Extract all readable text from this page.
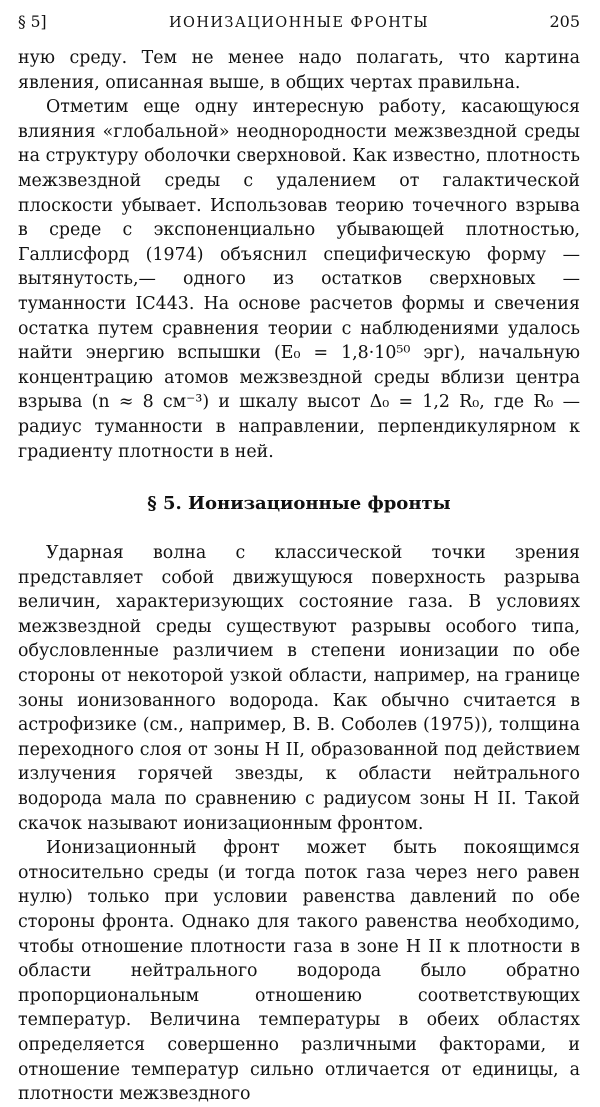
§ 5]	ИОНИЗАЦИОННЫЕ ФРОНТЫ	205

ную среду. Тем не менее надо полагать, что картина явления, описанная выше, в общих чертах правильна.

Отметим еще одну интересную работу, касающуюся влияния «глобальной» неоднородности межзвездной среды на структуру оболочки сверхновой. Как известно, плотность межзвездной среды с удалением от галактической плоскости убывает. Использовав теорию точечного взрыва в среде с экспоненциально убывающей плотностью, Галлисфорд (1974) объяснил специфическую форму — вытянутость,— одного из остатков сверхновых — туманности IC443. На основе расчетов формы и свечения остатка путем сравнения теории с наблюдениями удалось найти энергию вспышки (E₀ = 1,8·10⁵⁰ эрг), начальную концентрацию атомов межзвездной среды вблизи центра взрыва (n ≈ 8 см⁻³) и шкалу высот Δ₀ = 1,2 R₀, где R₀ — радиус туманности в направлении, перпендикулярном к градиенту плотности в ней.

§ 5. Ионизационные фронты

Ударная волна с классической точки зрения представляет собой движущуюся поверхность разрыва величин, характеризующих состояние газа. В условиях межзвездной среды существуют разрывы особого типа, обусловленные различием в степени ионизации по обе стороны от некоторой узкой области, например, на границе зоны ионизованного водорода. Как обычно считается в астрофизике (см., например, В. В. Соболев (1975)), толщина переходного слоя от зоны H II, образованной под действием излучения горячей звезды, к области нейтрального водорода мала по сравнению с радиусом зоны H II. Такой скачок называют ионизационным фронтом.

Ионизационный фронт может быть покоящимся относительно среды (и тогда поток газа через него равен нулю) только при условии равенства давлений по обе стороны фронта. Однако для такого равенства необходимо, чтобы отношение плотности газа в зоне H II к плотности в области нейтрального водорода было обратно пропорциональным отношению соответствующих температур. Величина температуры в обеих областях определяется совершенно различными факторами, и отношение температур сильно отличается от единицы, а плотности межзвездного
